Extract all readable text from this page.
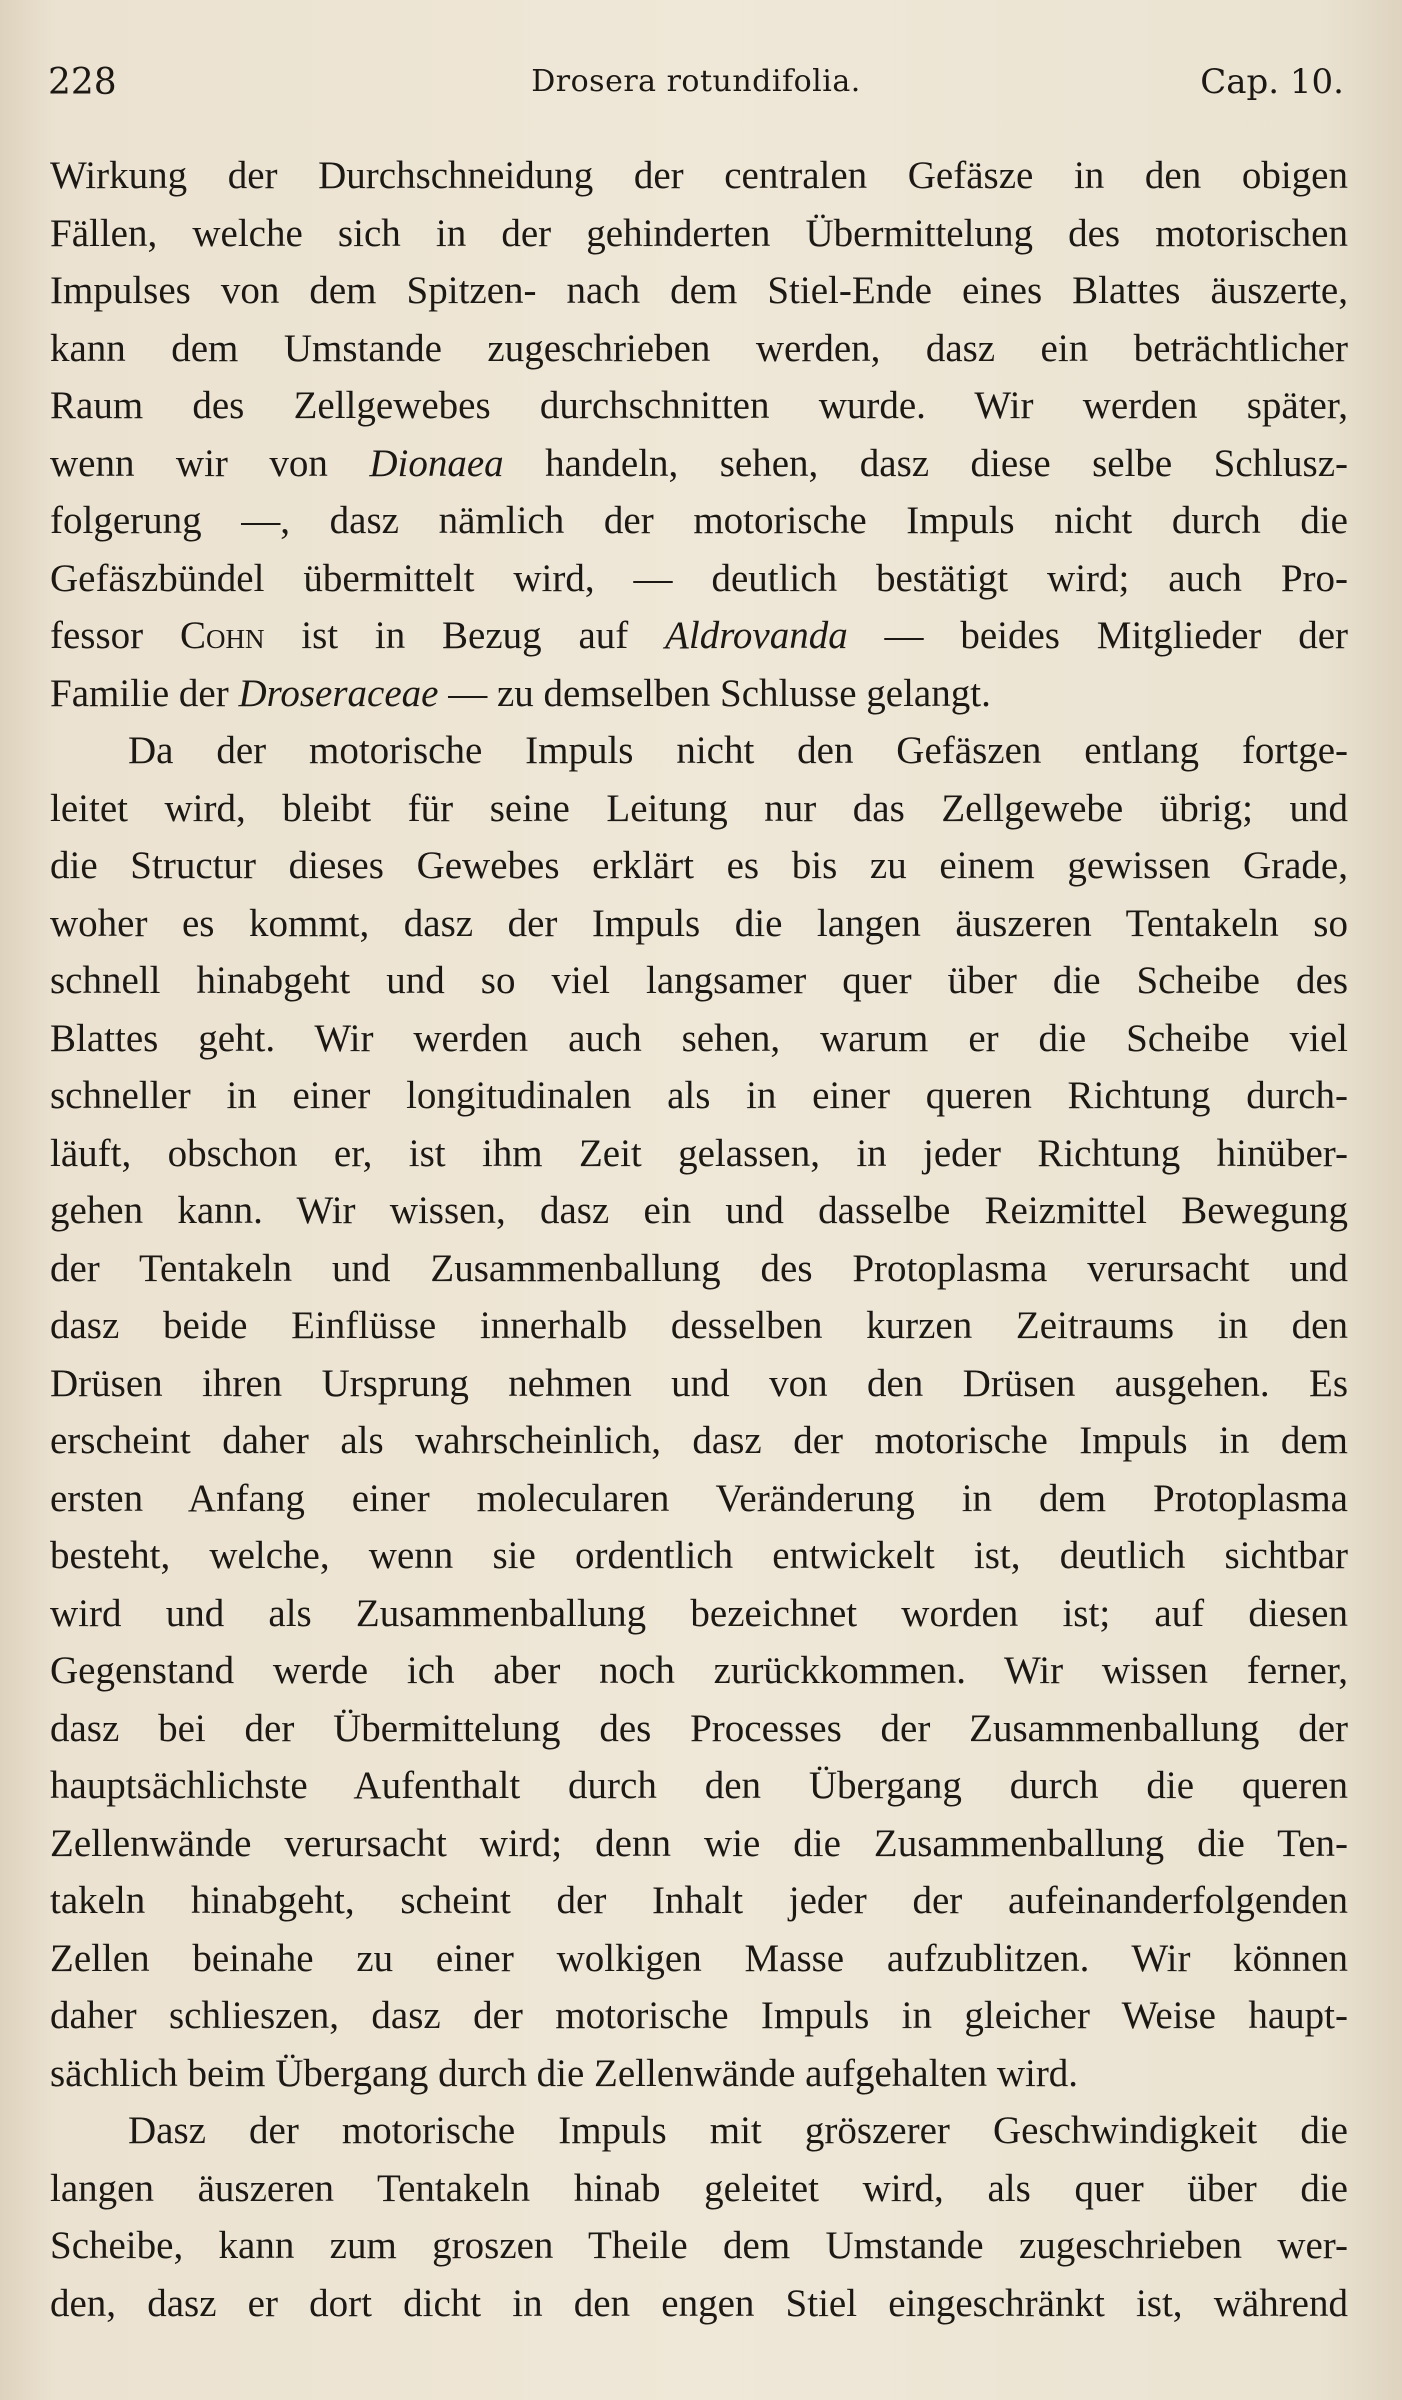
228	Drosera rotundifolia.	Cap. 10.
Wirkung der Durchschneidung der centralen Gefäsze in den obigen
Fällen, welche sich in der gehinderten Übermittelung des motorischen
Impulses von dem Spitzen- nach dem Stiel-Ende eines Blattes äuszerte,
kann dem Umstande zugeschrieben werden, dasz ein beträchtlicher
Raum des Zellgewebes durchschnitten wurde. Wir werden später,
wenn wir von Dionaea handeln, sehen, dasz diese selbe Schlusz-
folgerung —, dasz nämlich der motorische Impuls nicht durch die
Gefäszbündel übermittelt wird, — deutlich bestätigt wird; auch Pro-
fessor Cohn ist in Bezug auf Aldrovanda — beides Mitglieder der
Familie der Droseraceae — zu demselben Schlusse gelangt.
Da der motorische Impuls nicht den Gefäszen entlang fortge-
leitet wird, bleibt für seine Leitung nur das Zellgewebe übrig; und
die Structur dieses Gewebes erklärt es bis zu einem gewissen Grade,
woher es kommt, dasz der Impuls die langen äuszeren Tentakeln so
schnell hinabgeht und so viel langsamer quer über die Scheibe des
Blattes geht. Wir werden auch sehen, warum er die Scheibe viel
schneller in einer longitudinalen als in einer queren Richtung durch-
läuft, obschon er, ist ihm Zeit gelassen, in jeder Richtung hinüber-
gehen kann. Wir wissen, dasz ein und dasselbe Reizmittel Bewegung
der Tentakeln und Zusammenballung des Protoplasma verursacht und
dasz beide Einflüsse innerhalb desselben kurzen Zeitraums in den
Drüsen ihren Ursprung nehmen und von den Drüsen ausgehen. Es
erscheint daher als wahrscheinlich, dasz der motorische Impuls in dem
ersten Anfang einer molecularen Veränderung in dem Protoplasma
besteht, welche, wenn sie ordentlich entwickelt ist, deutlich sichtbar
wird und als Zusammenballung bezeichnet worden ist; auf diesen
Gegenstand werde ich aber noch zurückkommen. Wir wissen ferner,
dasz bei der Übermittelung des Processes der Zusammenballung der
hauptsächlichste Aufenthalt durch den Übergang durch die queren
Zellenwände verursacht wird; denn wie die Zusammenballung die Ten-
takeln hinabgeht, scheint der Inhalt jeder der aufeinanderfolgenden
Zellen beinahe zu einer wolkigen Masse aufzublitzen. Wir können
daher schlieszen, dasz der motorische Impuls in gleicher Weise haupt-
sächlich beim Übergang durch die Zellenwände aufgehalten wird.
Dasz der motorische Impuls mit gröszerer Geschwindigkeit die
langen äuszeren Tentakeln hinab geleitet wird, als quer über die
Scheibe, kann zum groszen Theile dem Umstande zugeschrieben wer-
den, dasz er dort dicht in den engen Stiel eingeschränkt ist, während
